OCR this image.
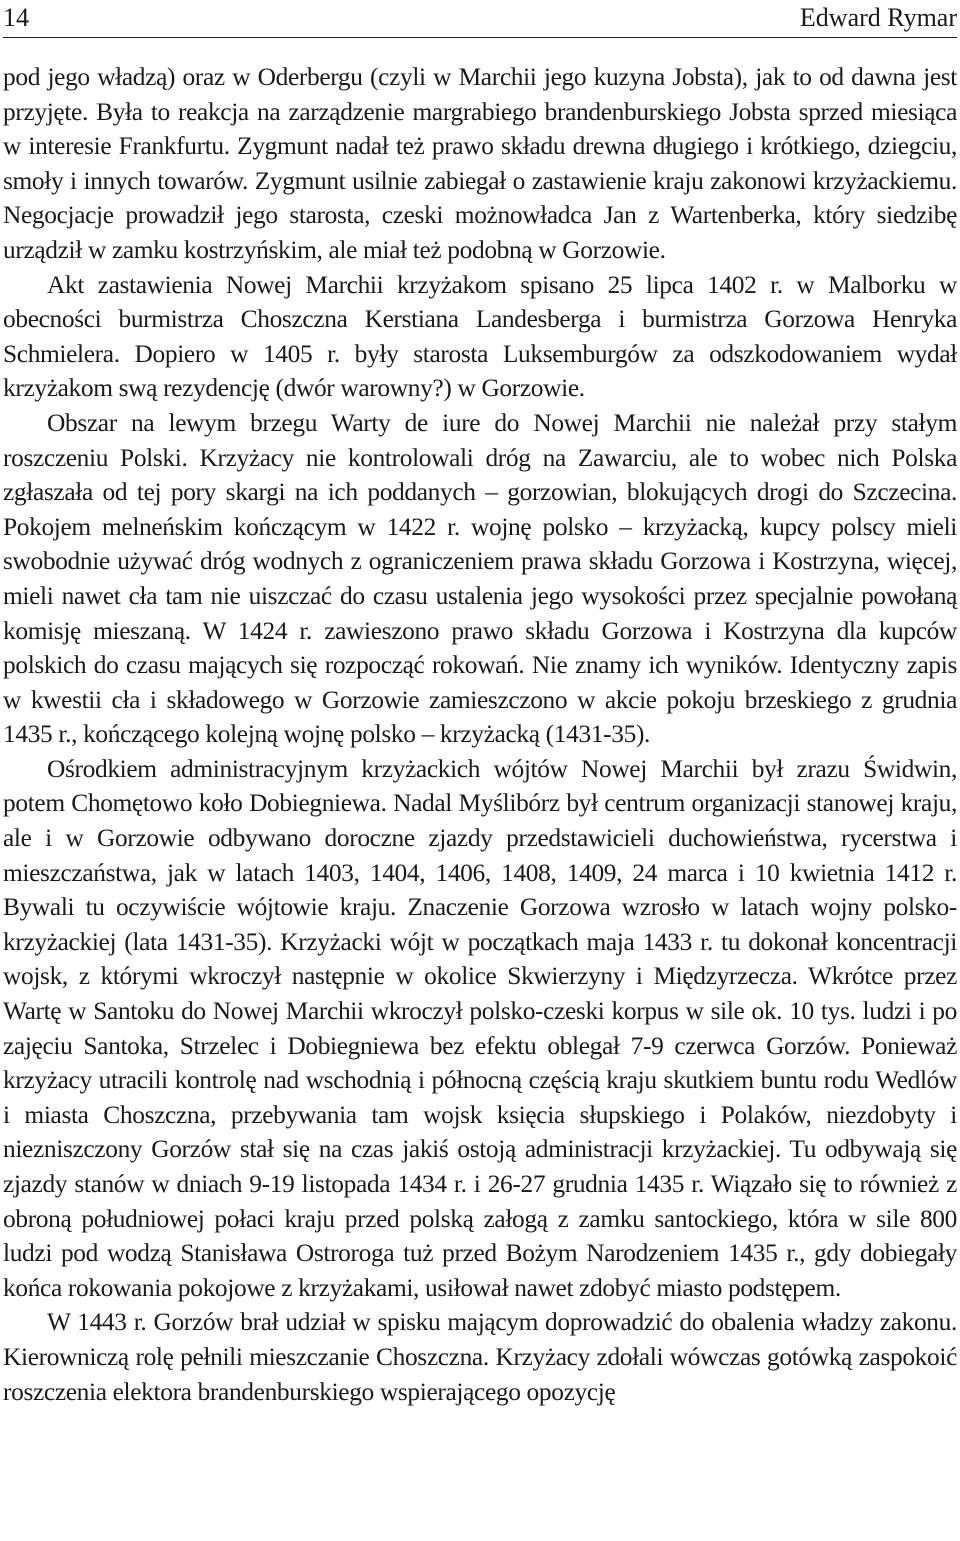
14	Edward Rymar

pod jego władzą) oraz w Oderbergu (czyli w Marchii jego kuzyna Jobsta), jak to od dawna jest przyjęte. Była to reakcja na zarządzenie margrabiego brandenburskiego Jobsta sprzed miesiąca w interesie Frankfurtu. Zygmunt nadał też prawo składu drewna długiego i krótkiego, dziegciu, smoły i innych towarów. Zygmunt usilnie zabiegał o zastawienie kraju zakonowi krzyżackiemu. Negocjacje prowadził jego starosta, czeski możnowładca Jan z Wartenberka, który siedzibę urządził w zamku kostrzyńskim, ale miał też podobną w Gorzowie.

Akt zastawienia Nowej Marchii krzyżakom spisano 25 lipca 1402 r. w Malborku w obecności burmistrza Choszczna Kerstiana Landesberga i burmistrza Gorzowa Henryka Schmielera. Dopiero w 1405 r. były starosta Luksemburgów za odszkodowaniem wydał krzyżakom swą rezydencję (dwór warowny?) w Gorzowie.

Obszar na lewym brzegu Warty de iure do Nowej Marchii nie należał przy stałym roszczeniu Polski. Krzyżacy nie kontrolowali dróg na Zawarciu, ale to wobec nich Polska zgłaszała od tej pory skargi na ich poddanych – gorzowian, blokujących drogi do Szczecina. Pokojem melneńskim kończącym w 1422 r. wojnę polsko – krzyżacką, kupcy polscy mieli swobodnie używać dróg wodnych z ograniczeniem prawa składu Gorzowa i Kostrzyna, więcej, mieli nawet cła tam nie uiszczać do czasu ustalenia jego wysokości przez specjalnie powołaną komisję mieszaną. W 1424 r. zawieszono prawo składu Gorzowa i Kostrzyna dla kupców polskich do czasu mających się rozpocząć rokowań. Nie znamy ich wyników. Identyczny zapis w kwestii cła i składowego w Gorzowie zamieszczono w akcie pokoju brzeskiego z grudnia 1435 r., kończącego kolejną wojnę polsko – krzyżacką (1431-35).

Ośrodkiem administracyjnym krzyżackich wójtów Nowej Marchii był zrazu Świdwin, potem Chomętowo koło Dobiegniewa. Nadal Myślibórz był centrum organizacji stanowej kraju, ale i w Gorzowie odbywano doroczne zjazdy przedstawicieli duchowieństwa, rycerstwa i mieszczaństwa, jak w latach 1403, 1404, 1406, 1408, 1409, 24 marca i 10 kwietnia 1412 r. Bywali tu oczywiście wójtowie kraju. Znaczenie Gorzowa wzrosło w latach wojny polsko-krzyżackiej (lata 1431-35). Krzyżacki wójt w początkach maja 1433 r. tu dokonał koncentracji wojsk, z którymi wkroczył następnie w okolice Skwierzyny i Międzyrzecza. Wkrótce przez Wartę w Santoku do Nowej Marchii wkroczył polsko-czeski korpus w sile ok. 10 tys. ludzi i po zajęciu Santoka, Strzelec i Dobiegniewa bez efektu oblegał 7-9 czerwca Gorzów. Ponieważ krzyżacy utracili kontrolę nad wschodnią i północną częścią kraju skutkiem buntu rodu Wedlów i miasta Choszczna, przebywania tam wojsk księcia słupskiego i Polaków, niezdobyty i niezniszczony Gorzów stał się na czas jakiś ostoją administracji krzyżackiej. Tu odbywają się zjazdy stanów w dniach 9-19 listopada 1434 r. i 26-27 grudnia 1435 r. Wiązało się to również z obroną południowej połaci kraju przed polską załogą z zamku santockiego, która w sile 800 ludzi pod wodzą Stanisława Ostroroga tuż przed Bożym Narodzeniem 1435 r., gdy dobiegały końca rokowania pokojowe z krzyżakami, usiłował nawet zdobyć miasto podstępem.

W 1443 r. Gorzów brał udział w spisku mającym doprowadzić do obalenia władzy zakonu. Kierowniczą rolę pełnili mieszczanie Choszczna. Krzyżacy zdołali wówczas gotówką zaspokoić roszczenia elektora brandenburskiego wspierającego opozycję
